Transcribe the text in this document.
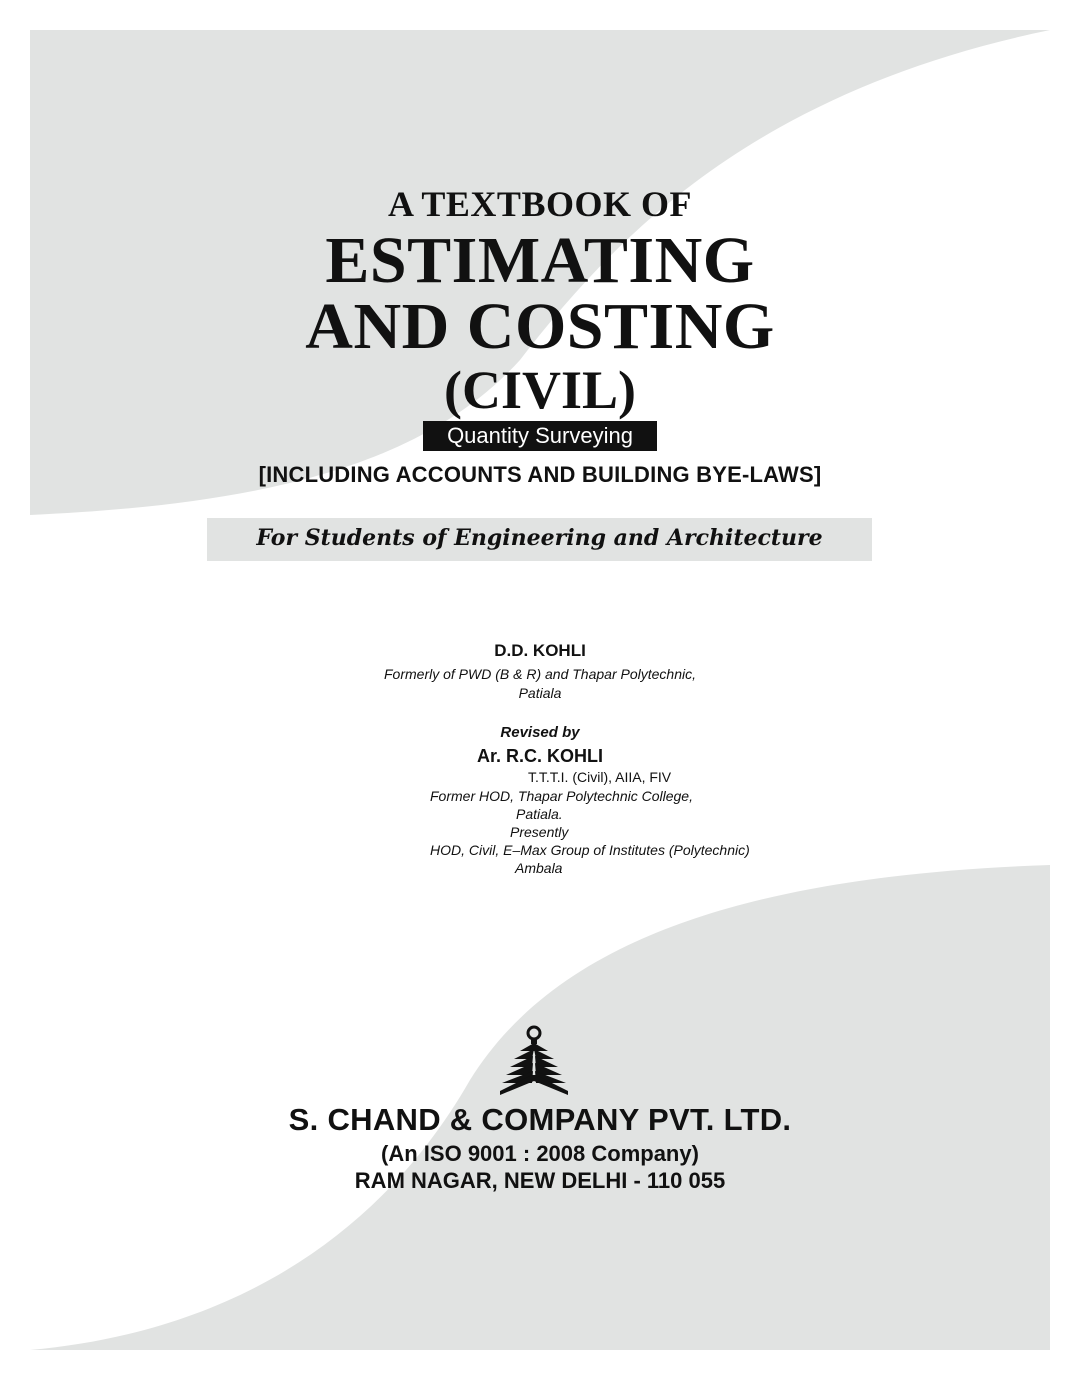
A TEXTBOOK OF
ESTIMATING
AND COSTING
(CIVIL)
Quantity Surveying
[INCLUDING ACCOUNTS AND BUILDING BYE-LAWS]
For Students of Engineering and Architecture
D.D. KOHLI
Formerly of PWD (B & R) and Thapar Polytechnic,
Patiala
Revised by
Ar. R.C. KOHLI
T.T.T.I. (Civil), AIIA, FIV
Former HOD, Thapar Polytechnic College,
Patiala.
Presently
HOD, Civil, E–Max Group of Institutes (Polytechnic)
Ambala
S. CHAND & COMPANY PVT. LTD.
(An ISO 9001 : 2008 Company)
RAM NAGAR, NEW DELHI - 110 055
